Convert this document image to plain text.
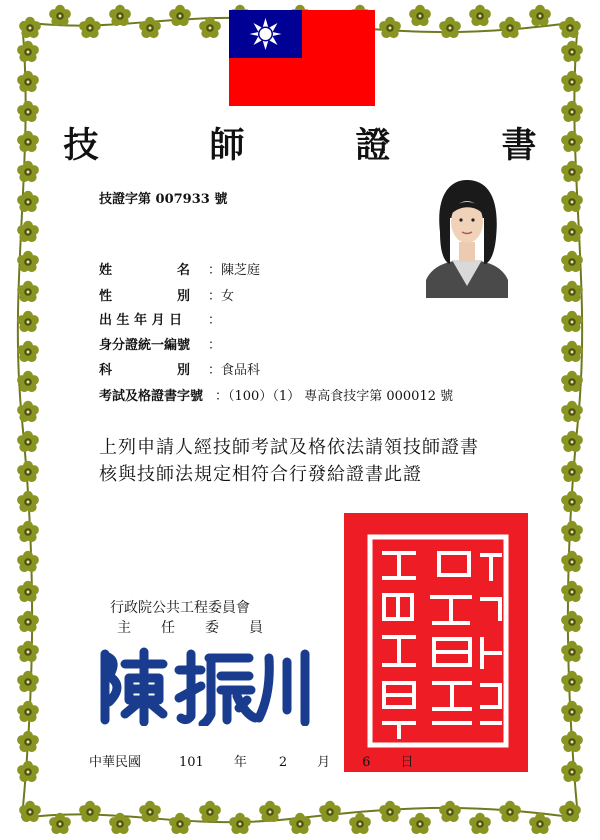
技　師　證　書
技證字第 007933 號
姓　　　　　名 ：陳芝庭
性　　　　　別 ：女
出 生 年 月 日 ：
身分證統一編號 ：
科　　　　　別 ：食品科
考試及格證書字號 ：（100）（1） 專高食技字第 000012 號
上列申請人經技師考試及格依法請領技師證書
核與技師法規定相符合行發給證書此證
行政院公共工程委員會
主 任 委 員
中華民國	101 年 2 月 6 日
